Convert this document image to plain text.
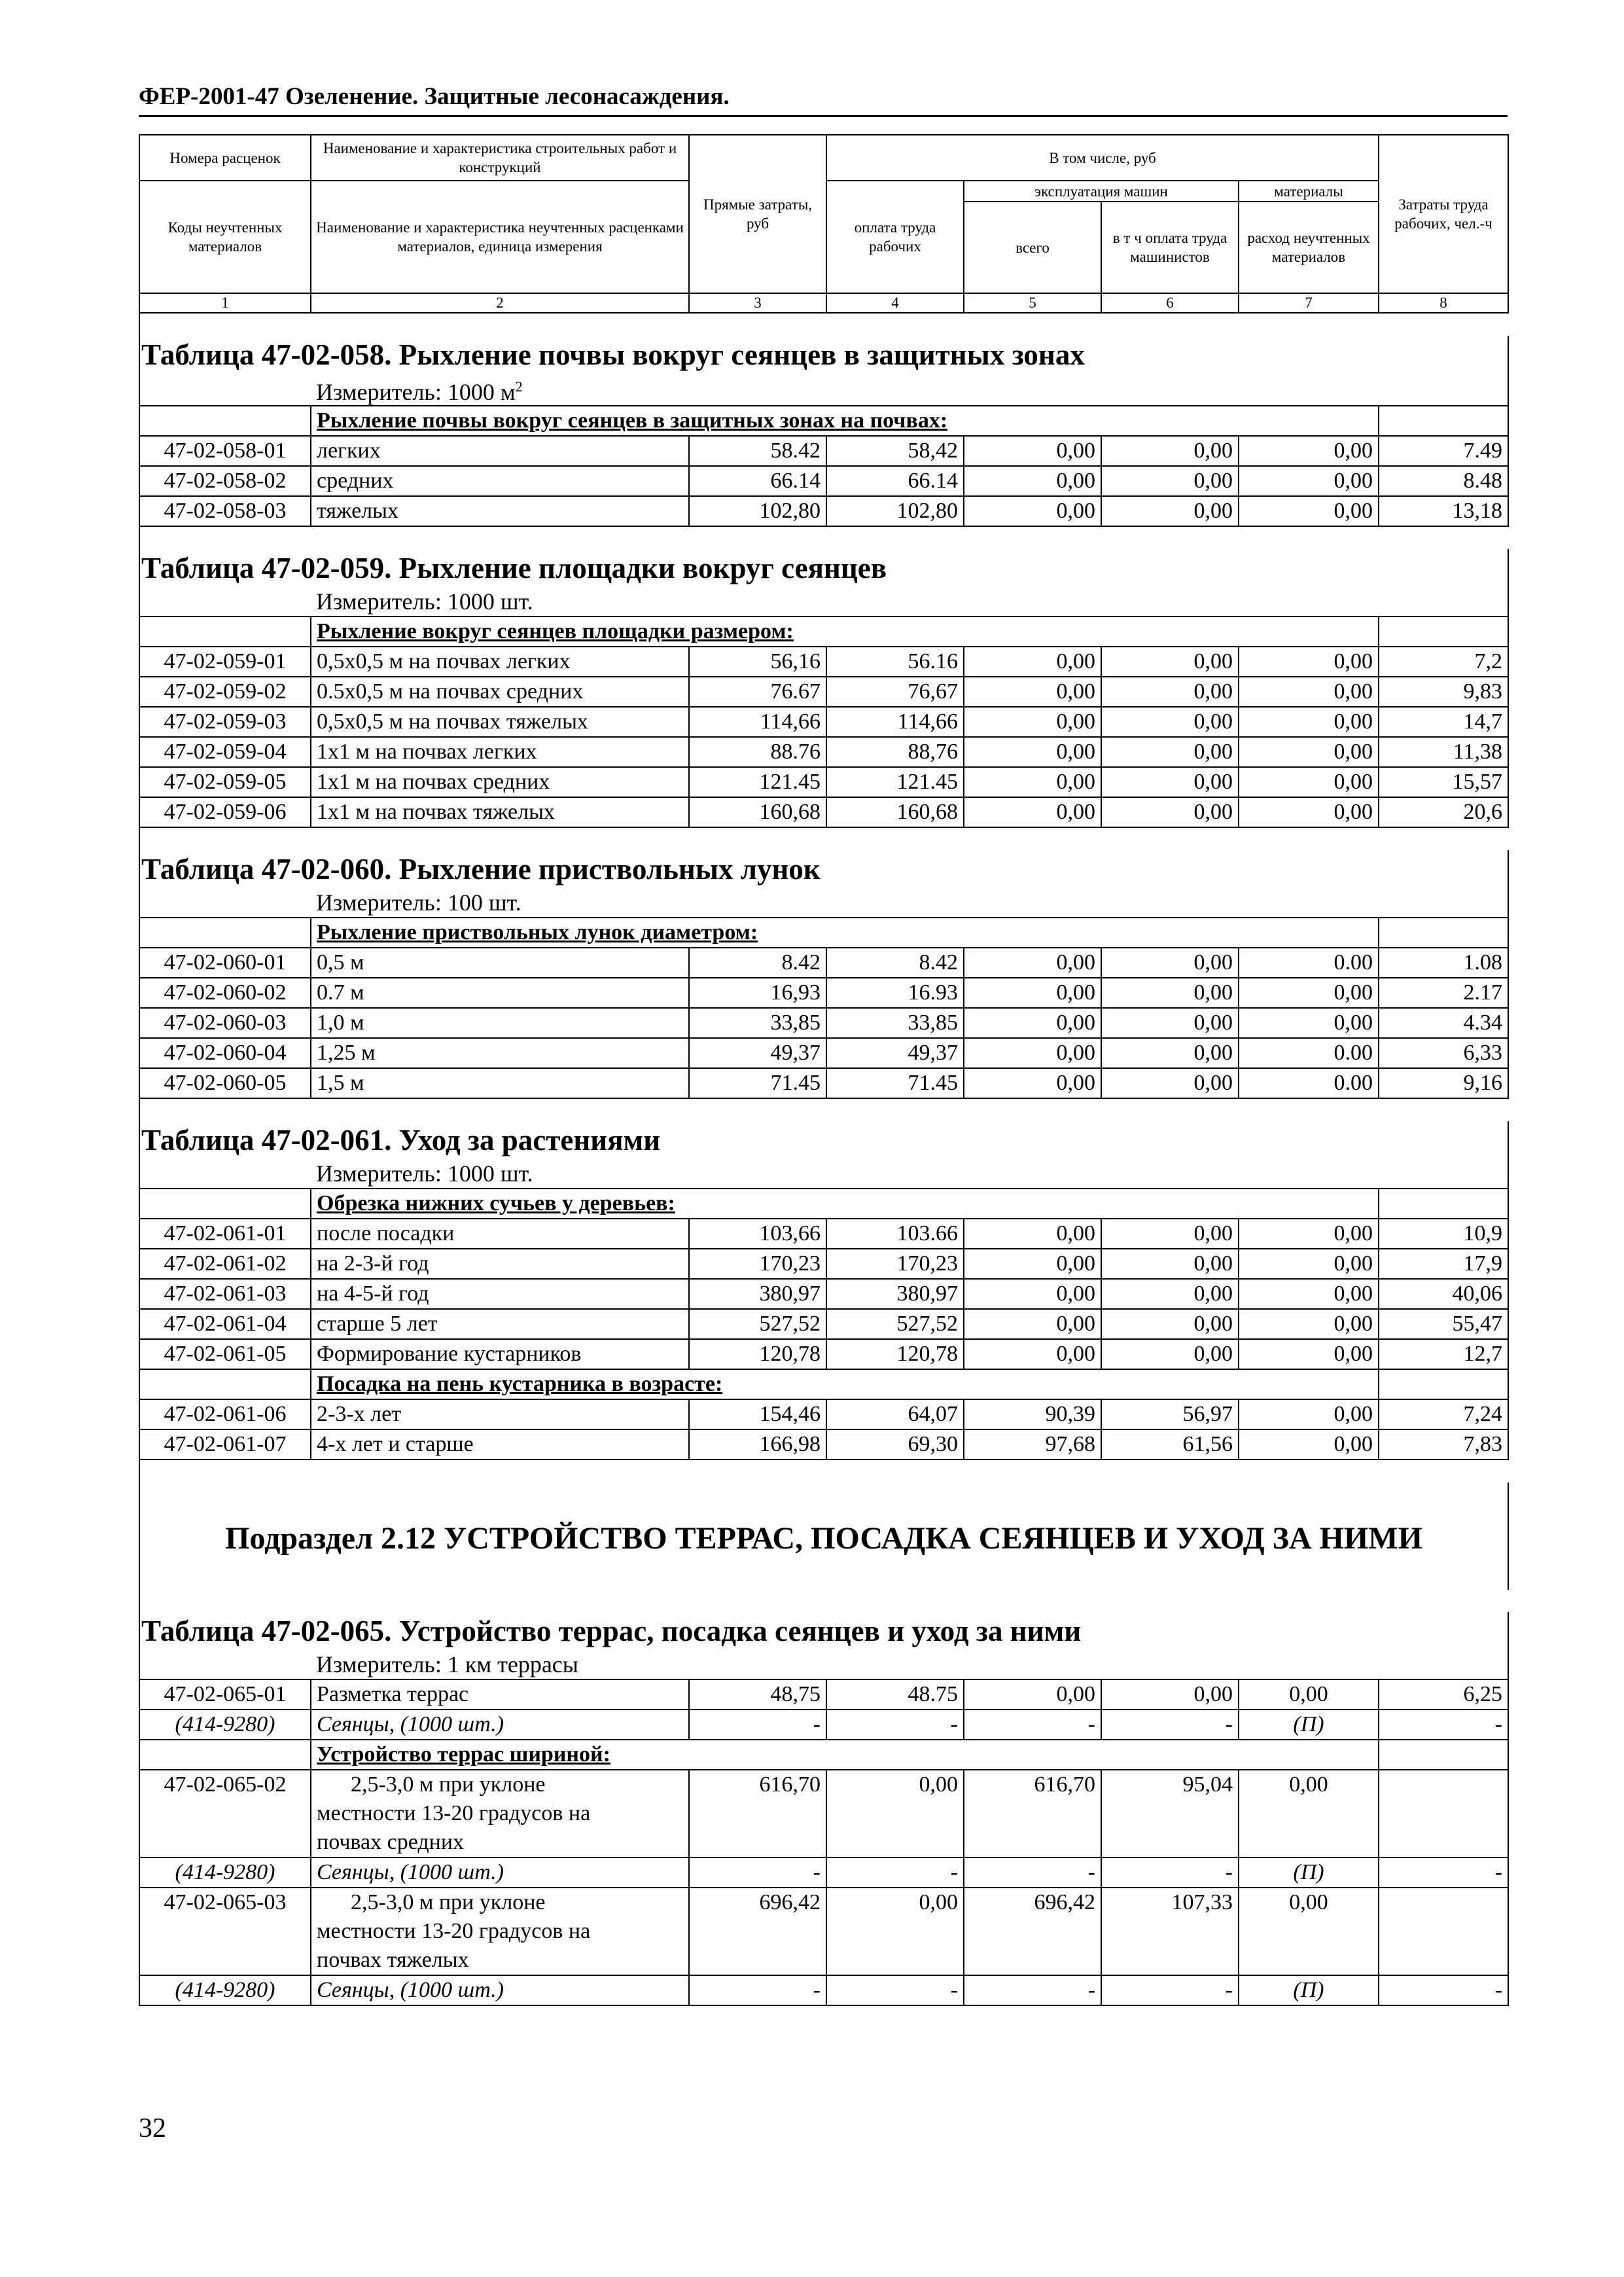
ФЕР-2001-47 Озеленение. Защитные лесонасаждения.
Номера расценок	Наименование и характеристика строительных работ и конструкций	Прямые затраты, руб	В том числе, руб				Затраты труда рабочих, чел.-ч
Коды неучтенных материалов	Наименование и характеристика неучтенных расценками материалов, единица измерения		оплата труда рабочих	эксплуатация машин		материалы	
				всего	в т ч оплата труда машинистов	расход неучтенных материалов	
1	2	3	4	5	6	7	8

Таблица 47-02-058. Рыхление почвы вокруг сеянцев в защитных зонах							
	Измеритель: 1000 $м^2$	
	Рыхление почвы вокруг сеянцев в защитных зонах на почвах:						
47-02-058-01	легких	58.42	58,42	0,00	0,00	0,00	7.49
47-02-058-02	средних	66.14	66.14	0,00	0,00	0,00	8.48
47-02-058-03	тяжелых	102,80	102,80	0,00	0,00	0,00	13,18

Таблица 47-02-059. Рыхление площадки вокруг сеянцев							
	Измеритель: 1000 шт.						
	Рыхление вокруг сеянцев площадки размером:						
47-02-059-01	0,5х0,5 м на почвах легких	56,16	56.16	0,00	0,00	0,00	7,2
47-02-059-02	0.5х0,5 м на почвах средних	76.67	76,67	0,00	0,00	0,00	9,83
47-02-059-03	0,5х0,5 м на почвах тяжелых	114,66	114,66	0,00	0,00	0,00	14,7
47-02-059-04	1х1 м на почвах легких	88.76	88,76	0,00	0,00	0,00	11,38
47-02-059-05	1х1 м на почвах средних	121.45	121.45	0,00	0,00	0,00	15,57
47-02-059-06	1х1 м на почвах тяжелых	160,68	160,68	0,00	0,00	0,00	20,6

Таблица 47-02-060. Рыхление приствольных лунок							
	Измеритель: 100 шт.						
	Рыхление приствольных лунок диаметром:						
47-02-060-01	0,5 м	8.42	8.42	0,00	0,00	0.00	1.08
47-02-060-02	0.7 м	16,93	16.93	0,00	0,00	0,00	2.17
47-02-060-03	1,0 м	33,85	33,85	0,00	0,00	0,00	4.34
47-02-060-04	1,25 м	49,37	49,37	0,00	0,00	0.00	6,33
47-02-060-05	1,5 м	71.45	71.45	0,00	0,00	0.00	9,16

Таблица 47-02-061. Уход за растениями							
	Измеритель: 1000 шт.						
	Обрезка нижних сучьев у деревьев:						
47-02-061-01	после посадки	103,66	103.66	0,00	0,00	0,00	10,9
47-02-061-02	на 2-3-й год	170,23	170,23	0,00	0,00	0,00	17,9
47-02-061-03	на 4-5-й год	380,97	380,97	0,00	0,00	0,00	40,06
47-02-061-04	старше 5 лет	527,52	527,52	0,00	0,00	0,00	55,47
47-02-061-05	Формирование кустарников	120,78	120,78	0,00	0,00	0,00	12,7
	Посадка на пень кустарника в возрасте:						
47-02-061-06	2-3-х лет	154,46	64,07	90,39	56,97	0,00	7,24
47-02-061-07	4-х лет и старше	166,98	69,30	97,68	61,56	0,00	7,83

Подраздел 2.12 УСТРОЙСТВО ТЕРРАС, ПОСАДКА СЕЯНЦЕВ И УХОД ЗА НИМИ							

Таблица 47-02-065. Устройство террас, посадка сеянцев и уход за ними							
	Измеритель: 1 км террасы						
47-02-065-01	Разметка террас	48,75	48.75	0,00	0,00	0,00	6,25
(414-9280)	Сеянцы, (1000 шт.)	-	-	-	-	(П)	-
	Устройство террас шириной:						
47-02-065-02	2,5-3,0 м при уклоне
местности 13-20 градусов на
почвах средних	616,70	0,00	616,70	95,04	0,00	
(414-9280)	Сеянцы, (1000 шт.)	-	-	-	-	(П)	-
47-02-065-03	2,5-3,0 м при уклоне
местности 13-20 градусов на
почвах тяжелых	696,42	0,00	696,42	107,33	0,00	
(414-9280)	Сеянцы, (1000 шт.)	-	-	-	-	(П)	-
32
